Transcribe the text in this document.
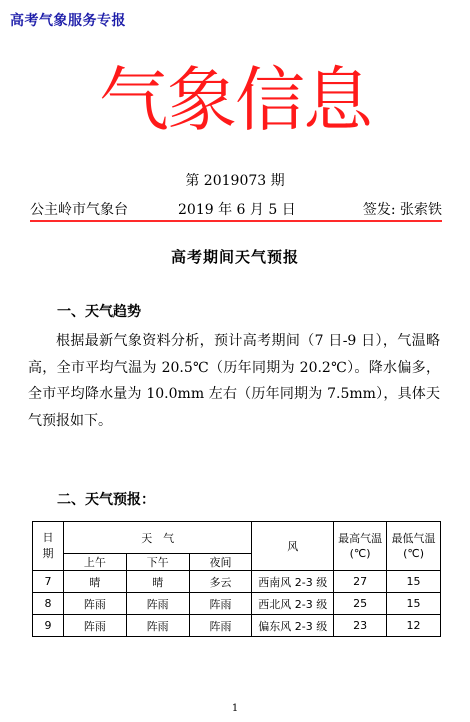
高考气象服务专报
气象信息
第 2019073 期
公主岭市气象台	2019 年 6 月 5 日	签发: 张索铁
高考期间天气预报
一、天气趋势
根据最新气象资料分析，预计高考期间（7 日-9 日），气温略高，全市平均气温为 20.5℃（历年同期为 20.2℃）。降水偏多，全市平均降水量为 10.0mm 左右（历年同期为 7.5mm），具体天气预报如下。
二、天气预报：
日期	天　气			风	最高气温(℃)	最低气温(℃)
	上午	下午	夜间			
7	晴	晴	多云	西南风 2-3 级	27	15
8	阵雨	阵雨	阵雨	西北风 2-3 级	25	15
9	阵雨	阵雨	阵雨	偏东风 2-3 级	23	12
1
